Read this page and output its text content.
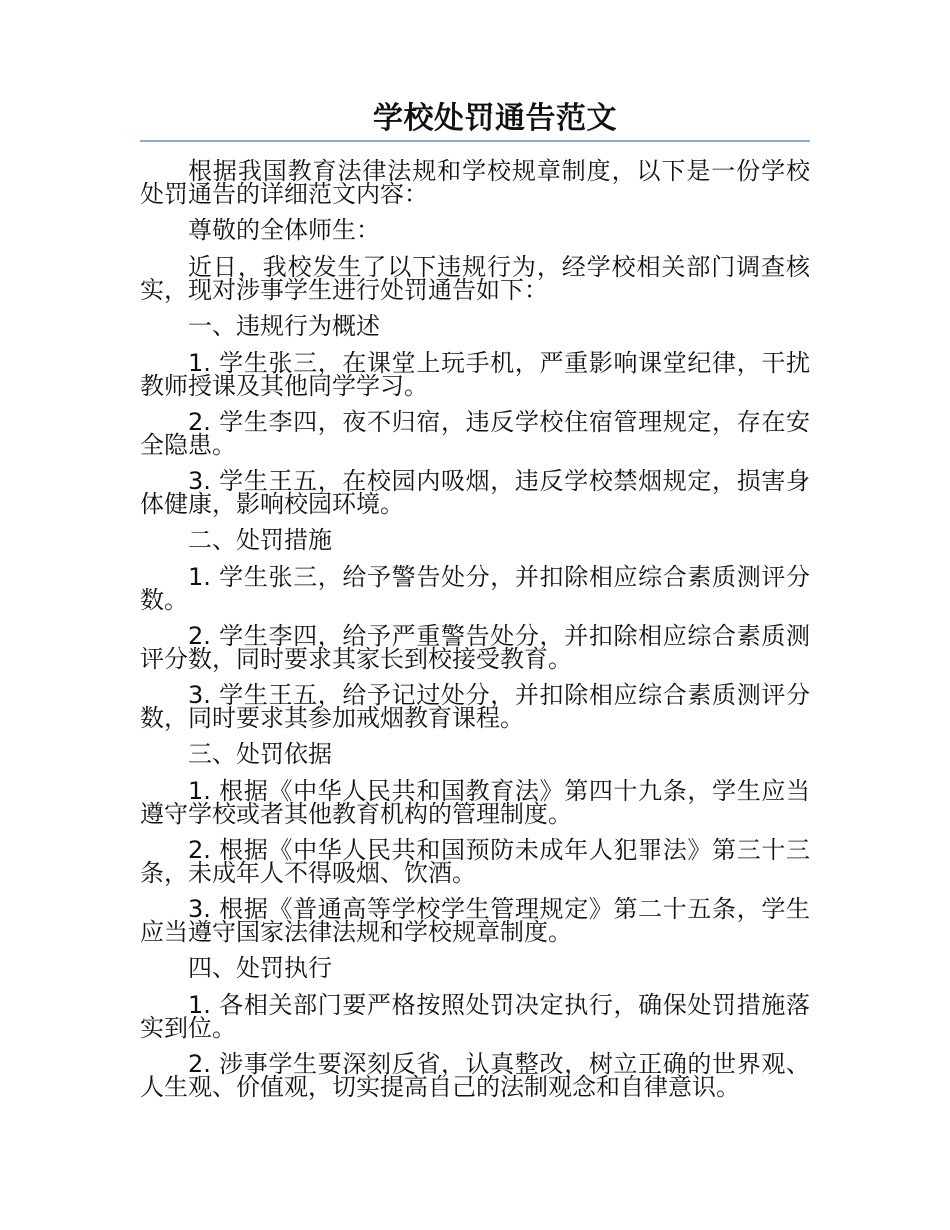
学校处罚通告范文

根据我国教育法律法规和学校规章制度，以下是一份学校处罚通告的详细范文内容：

尊敬的全体师生：

近日，我校发生了以下违规行为，经学校相关部门调查核实，现对涉事学生进行处罚通告如下：

一、违规行为概述

1. 学生张三，在课堂上玩手机，严重影响课堂纪律，干扰教师授课及其他同学学习。

2. 学生李四，夜不归宿，违反学校住宿管理规定，存在安全隐患。

3. 学生王五，在校园内吸烟，违反学校禁烟规定，损害身体健康，影响校园环境。

二、处罚措施

1. 学生张三，给予警告处分，并扣除相应综合素质测评分数。

2. 学生李四，给予严重警告处分，并扣除相应综合素质测评分数，同时要求其家长到校接受教育。

3. 学生王五，给予记过处分，并扣除相应综合素质测评分数，同时要求其参加戒烟教育课程。

三、处罚依据

1. 根据《中华人民共和国教育法》第四十九条，学生应当遵守学校或者其他教育机构的管理制度。

2. 根据《中华人民共和国预防未成年人犯罪法》第三十三条，未成年人不得吸烟、饮酒。

3. 根据《普通高等学校学生管理规定》第二十五条，学生应当遵守国家法律法规和学校规章制度。

四、处罚执行

1. 各相关部门要严格按照处罚决定执行，确保处罚措施落实到位。

2. 涉事学生要深刻反省，认真整改，树立正确的世界观、人生观、价值观，切实提高自己的法制观念和自律意识。
